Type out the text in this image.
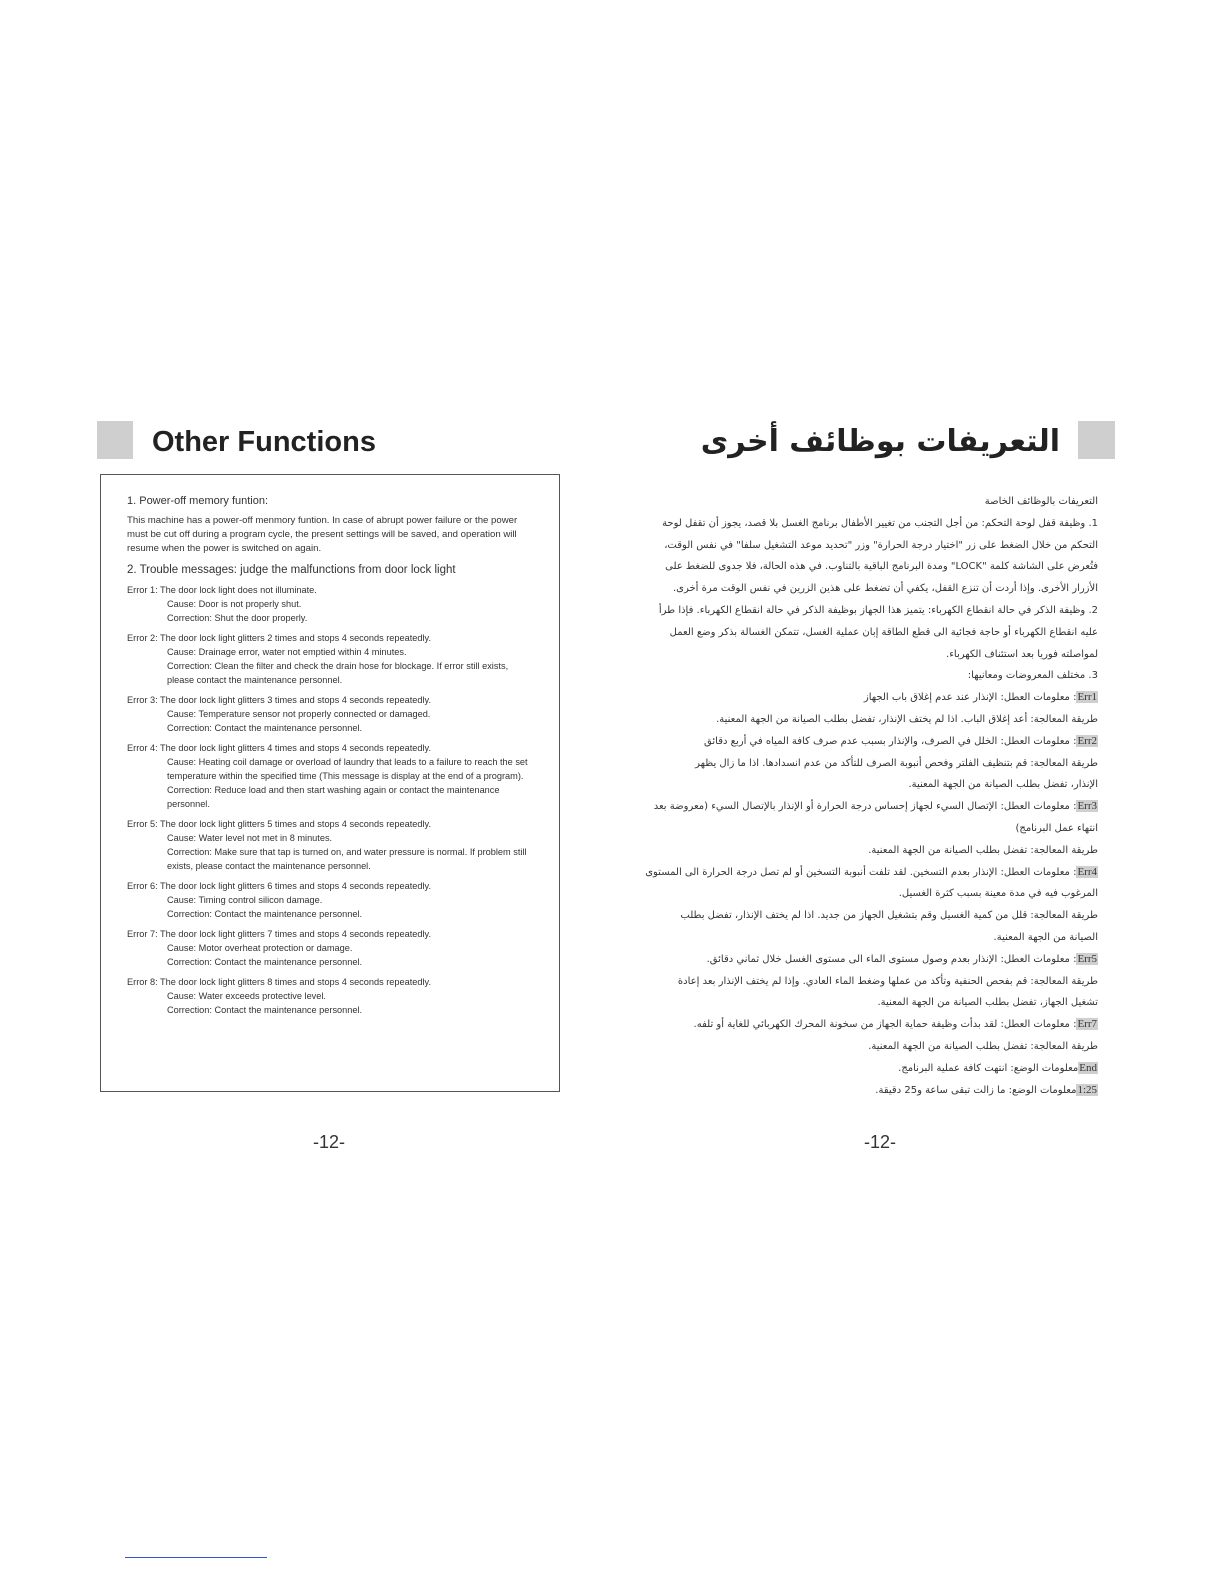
Other Functions	التعريفات بوظائف أخرى
1. Power-off memory funtion:
This machine has a power-off menmory funtion. In case of abrupt power failure or the power must be cut off during a program cycle, the present settings will be saved, and operation will resume when the power is switched on again.
2. Trouble messages: judge the malfunctions from door lock light
Error 1: The door lock light does not illuminate.
Cause: Door is not properly shut.
Correction: Shut the door properly.
Error 2: The door lock light glitters 2 times and stops 4 seconds repeatedly.
Cause: Drainage error, water not emptied within 4 minutes.
Correction: Clean the filter and check the drain hose for blockage. If error still exists, please contact the maintenance personnel.
Error 3: The door lock light glitters 3 times and stops 4 seconds repeatedly.
Cause: Temperature sensor not properly connected or damaged.
Correction: Contact the maintenance personnel.
Error 4: The door lock light glitters 4 times and stops 4 seconds repeatedly.
Cause: Heating coil damage or overload of laundry that leads to a failure to reach the set temperature within the specified time (This message is display at the end of a program).
Correction: Reduce load and then start washing again or contact the maintenance personnel.
Error 5: The door lock light glitters 5 times and stops 4 seconds repeatedly.
Cause: Water level not met in 8 minutes.
Correction: Make sure that tap is turned on, and water pressure is normal. If problem still exists, please contact the maintenance personnel.
Error 6: The door lock light glitters 6 times and stops 4 seconds repeatedly.
Cause: Timing control silicon damage.
Correction: Contact the maintenance personnel.
Error 7: The door lock light glitters 7 times and stops 4 seconds repeatedly.
Cause: Motor overheat protection or damage.
Correction: Contact the maintenance personnel.
Error 8: The door lock light glitters 8 times and stops 4 seconds repeatedly.
Cause: Water exceeds protective level.
Correction: Contact the maintenance personnel.
التعريفات بالوظائف الخاصة
1. وظيفة قفل لوحة التحكم: من أجل التجنب من تغيير الأطفال برنامج الغسل بلا قصد، يجوز أن تقفل لوحة
التحكم من خلال الضغط على زر "اختيار درجة الحرارة" وزر "تحديد موعد التشغيل سلفا" في نفس الوقت،
فتُعرض على الشاشة كلمة "LOCK" ومدة البرنامج الباقية بالتناوب. في هذه الحالة، فلا جدوى للضغط على
الأزرار الأخرى. وإذا أردت أن تنزع القفل، يكفي أن تضغط على هذين الزرين في نفس الوقت مرة أخرى.
2. وظيفة الذكر في حالة انقطاع الكهرباء: يتميز هذا الجهاز بوظيفة الذكر في حالة انقطاع الكهرباء. فإذا طرأ
عليه انقطاع الكهرباء أو حاجة فجائية الى قطع الطاقة إبان عملية الغسل، تتمكن الغسالة بذكر وضع العمل
لمواصلته فوريا بعد استئناف الكهرباء.
3. مختلف المعروضات ومعانيها:
Err1: معلومات العطل: الإنذار عند عدم إغلاق باب الجهاز
طريقة المعالجة: أعد إغلاق الباب. اذا لم يختف الإنذار، تفضل بطلب الصيانة من الجهة المعنية.
Err2: معلومات العطل: الخلل في الصرف، والإنذار بسبب عدم صرف كافة المياه في أربع دقائق
طريقة المعالجة: قم بتنظيف الفلتر وفحص أنبوبة الصرف للتأكد من عدم انسدادها. اذا ما زال يظهر
الإنذار، تفضل بطلب الصيانة من الجهة المعنية.
Err3: معلومات العطل: الإتصال السيء لجهاز إحساس درجة الحرارة أو الإنذار بالإتصال السيء (معروضة بعد
انتهاء عمل البرنامج)
طريقة المعالجة: تفضل بطلب الصيانة من الجهة المعنية.
Err4: معلومات العطل: الإنذار بعدم التسخين. لقد تلفت أنبوبة التسخين أو لم تصل درجة الحرارة الى المستوى
المرغوب فيه في مدة معينة بسبب كثرة الغسيل.
طريقة المعالجة: قلل من كمية الغسيل وقم بتشغيل الجهاز من جديد. اذا لم يختف الإنذار، تفضل بطلب
الصيانة من الجهة المعنية.
Err5: معلومات العطل: الإنذار بعدم وصول مستوى الماء الى مستوى الغسل خلال ثماني دقائق.
طريقة المعالجة: قم بفحص الحنفية وتأكد من عملها وضغط الماء العادي. وإذا لم يختف الإنذار بعد إعادة
تشغيل الجهاز، تفضل بطلب الصيانة من الجهة المعنية.
Err7: معلومات العطل: لقد بدأت وظيفة حماية الجهاز من سخونة المحرك الكهربائي للغاية أو تلفه.
طريقة المعالجة: تفضل بطلب الصيانة من الجهة المعنية.
Endمعلومات الوضع: انتهت كافة عملية البرنامج.
1:25معلومات الوضع: ما زالت تبقى ساعة و25 دقيقة.
-12-	-12-
